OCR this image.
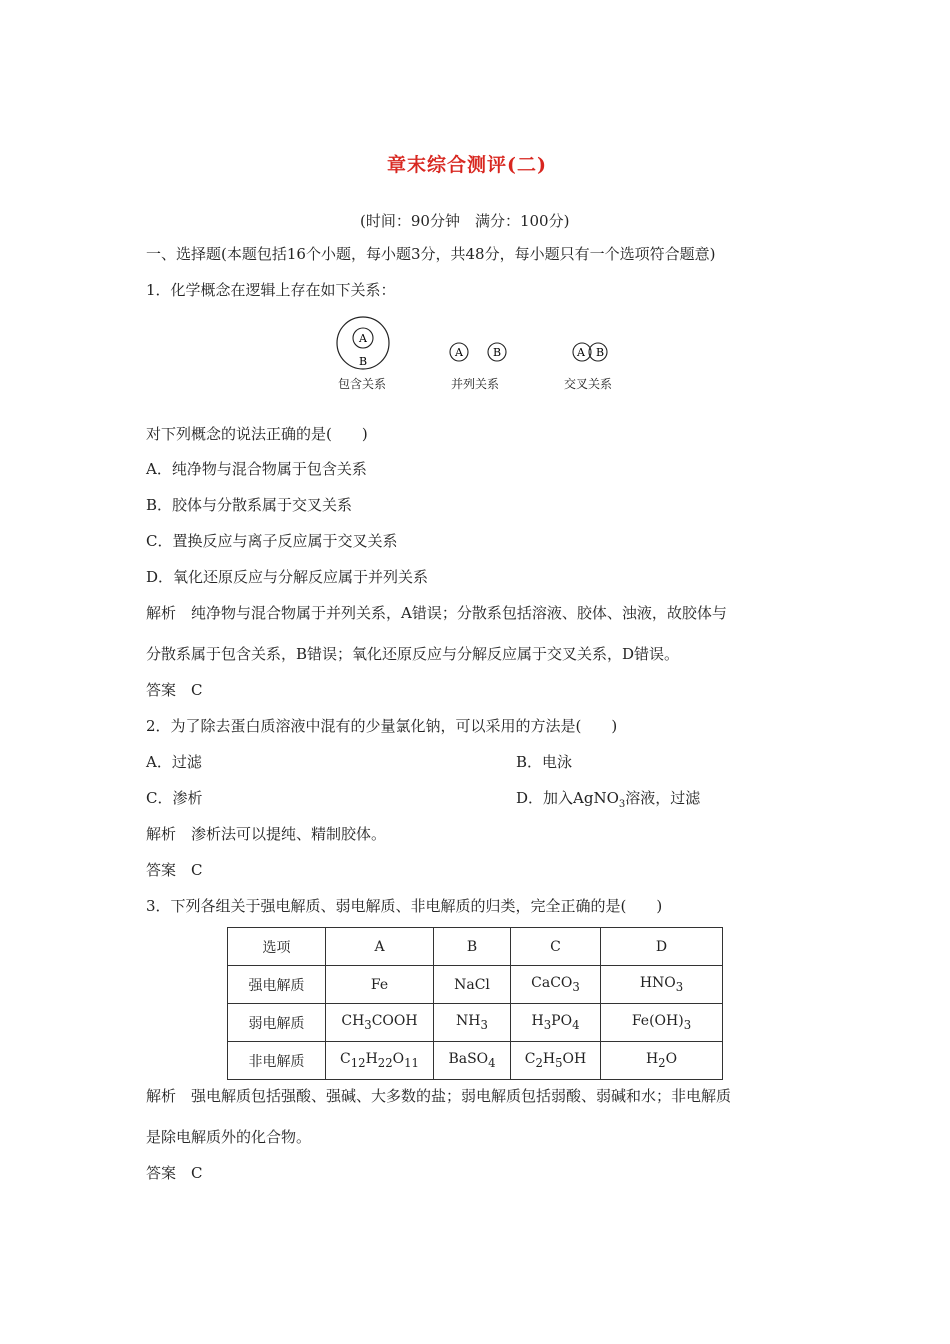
章末综合测评(二)
(时间：90分钟　满分：100分)
一、选择题(本题包括16个小题，每小题3分，共48分，每小题只有一个选项符合题意)
1．化学概念在逻辑上存在如下关系：
A
B
A	B	A B
包含关系	并列关系	交叉关系
对下列概念的说法正确的是(　　)
A．纯净物与混合物属于包含关系
B．胶体与分散系属于交叉关系
C．置换反应与离子反应属于交叉关系
D．氧化还原反应与分解反应属于并列关系
解析　纯净物与混合物属于并列关系，A错误；分散系包括溶液、胶体、浊液，故胶体与
分散系属于包含关系，B错误；氧化还原反应与分解反应属于交叉关系，D错误。
答案　C
2．为了除去蛋白质溶液中混有的少量氯化钠，可以采用的方法是(　　)
A．过滤	B．电泳
C．渗析	D．加入AgNO$_3$溶液，过滤
解析　渗析法可以提纯、精制胶体。
答案　C
3．下列各组关于强电解质、弱电解质、非电解质的归类，完全正确的是(　　)
选项	A	B	C	D
强电解质	Fe	NaCl	CaCO$_3$	$HNO_3$
弱电解质	$CH_3COOH$	$NH_3$	$H_3PO_4$	$Fe(OH)_3$
非电解质	$C_{12}H_{22}O_{11}$	BaSO$_4$	$C_2H_5OH$	$H_2O$
解析　强电解质包括强酸、强碱、大多数的盐；弱电解质包括弱酸、弱碱和水；非电解质
是除电解质外的化合物。
答案　C
